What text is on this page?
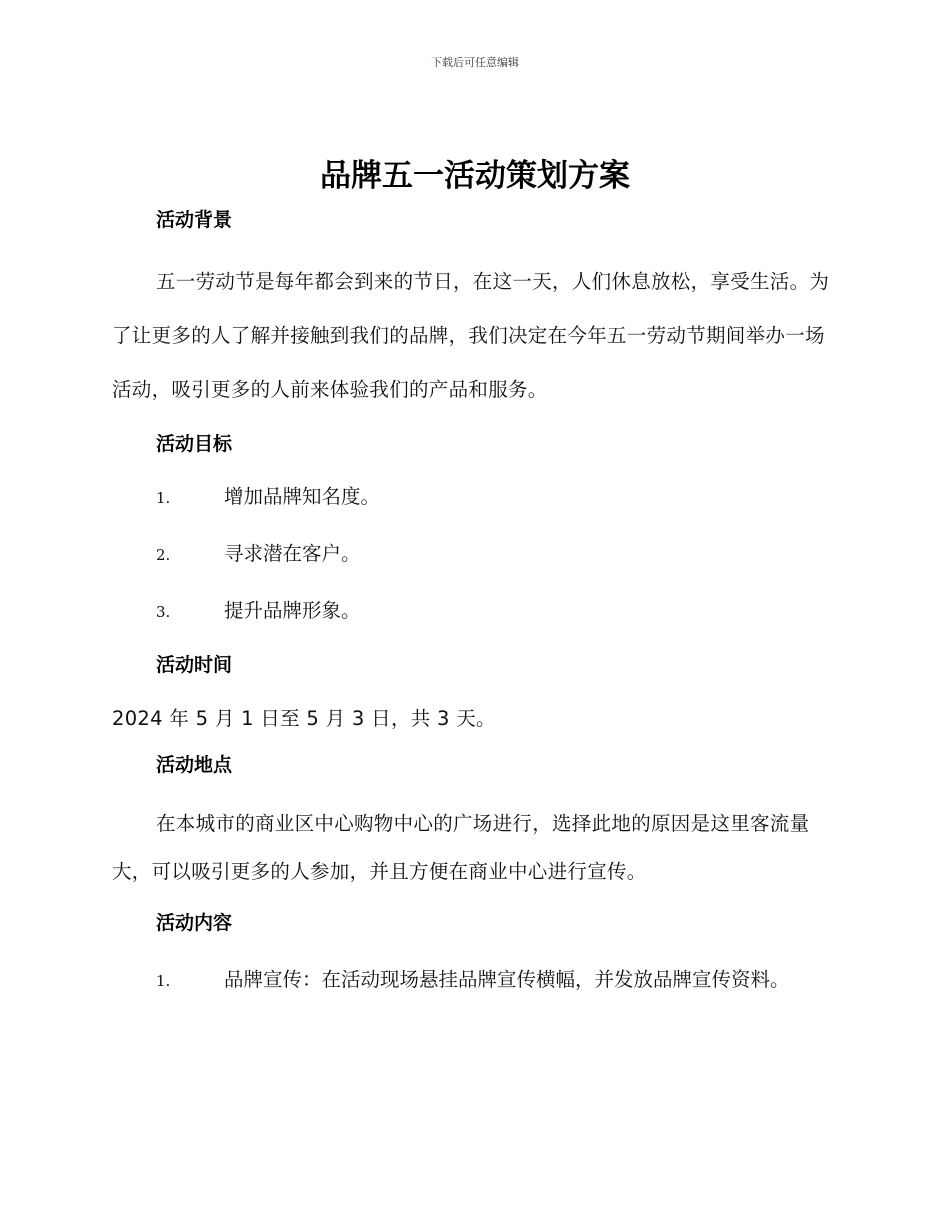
下载后可任意编辑
品牌五一活动策划方案
活动背景
五一劳动节是每年都会到来的节日，在这一天，人们休息放松，享受生活。为了让更多的人了解并接触到我们的品牌，我们决定在今年五一劳动节期间举办一场活动，吸引更多的人前来体验我们的产品和服务。
活动目标
1.	增加品牌知名度。
2.	寻求潜在客户。
3.	提升品牌形象。
活动时间
2024 年 5 月 1 日至 5 月 3 日，共 3 天。
活动地点
在本城市的商业区中心购物中心的广场进行，选择此地的原因是这里客流量大，可以吸引更多的人参加，并且方便在商业中心进行宣传。
活动内容
1.	品牌宣传：在活动现场悬挂品牌宣传横幅，并发放品牌宣传资料。
